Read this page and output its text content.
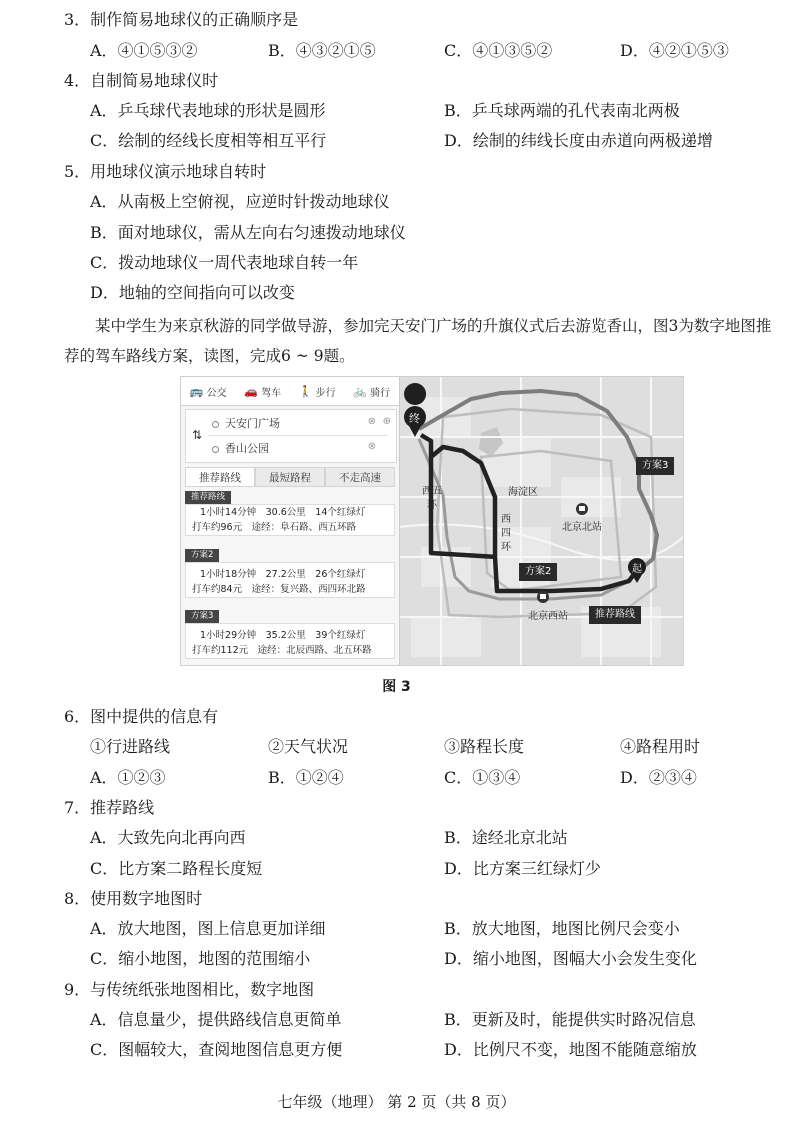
3．制作简易地球仪的正确顺序是
A．④①⑤③②	B．④③②①⑤	C．④①③⑤②	D．④②①⑤③
4．自制简易地球仪时
A．乒乓球代表地球的形状是圆形	B．乒乓球两端的孔代表南北两极
C．绘制的经线长度相等相互平行	D．绘制的纬线长度由赤道向两极递增
5．用地球仪演示地球自转时
A．从南极上空俯视，应逆时针拨动地球仪
B．面对地球仪，需从左向右匀速拨动地球仪
C．拨动地球仪一周代表地球自转一年
D．地轴的空间指向可以改变
某中学生为来京秋游的同学做导游，参加完天安门广场的升旗仪式后去游览香山，图3为数字地图推荐的驾车路线方案，读图，完成6 ~ 9题。
终
起
西五环
西四环
海淀区
北京北站
北京西站
方案3
方案2
推荐路线
🚌 公交 🚗 驾车 🚶 步行 🚲 骑行
⇅
天安门广场	⊗ ⊕
香山公园	⊗
推荐路线	最短路程	不走高速
推荐路线
1小时14分钟　30.6公里　14个红绿灯
打车约96元　途经：阜石路、西五环路
方案2
1小时18分钟　27.2公里　26个红绿灯
打车约84元　途经：复兴路、西四环北路
方案3
1小时29分钟　35.2公里　39个红绿灯
打车约112元　途经：北辰西路、北五环路
图 3
6．图中提供的信息有
①行进路线	②天气状况	③路程长度	④路程用时
A．①②③	B．①②④	C．①③④	D．②③④
7．推荐路线
A．大致先向北再向西	B．途经北京北站
C．比方案二路程长度短	D．比方案三红绿灯少
8．使用数字地图时
A．放大地图，图上信息更加详细	B．放大地图，地图比例尺会变小
C．缩小地图，地图的范围缩小	D．缩小地图，图幅大小会发生变化
9．与传统纸张地图相比，数字地图
A．信息量少，提供路线信息更简单	B．更新及时，能提供实时路况信息
C．图幅较大，查阅地图信息更方便	D．比例尺不变，地图不能随意缩放
七年级（地理） 第 2 页（共 8 页）
